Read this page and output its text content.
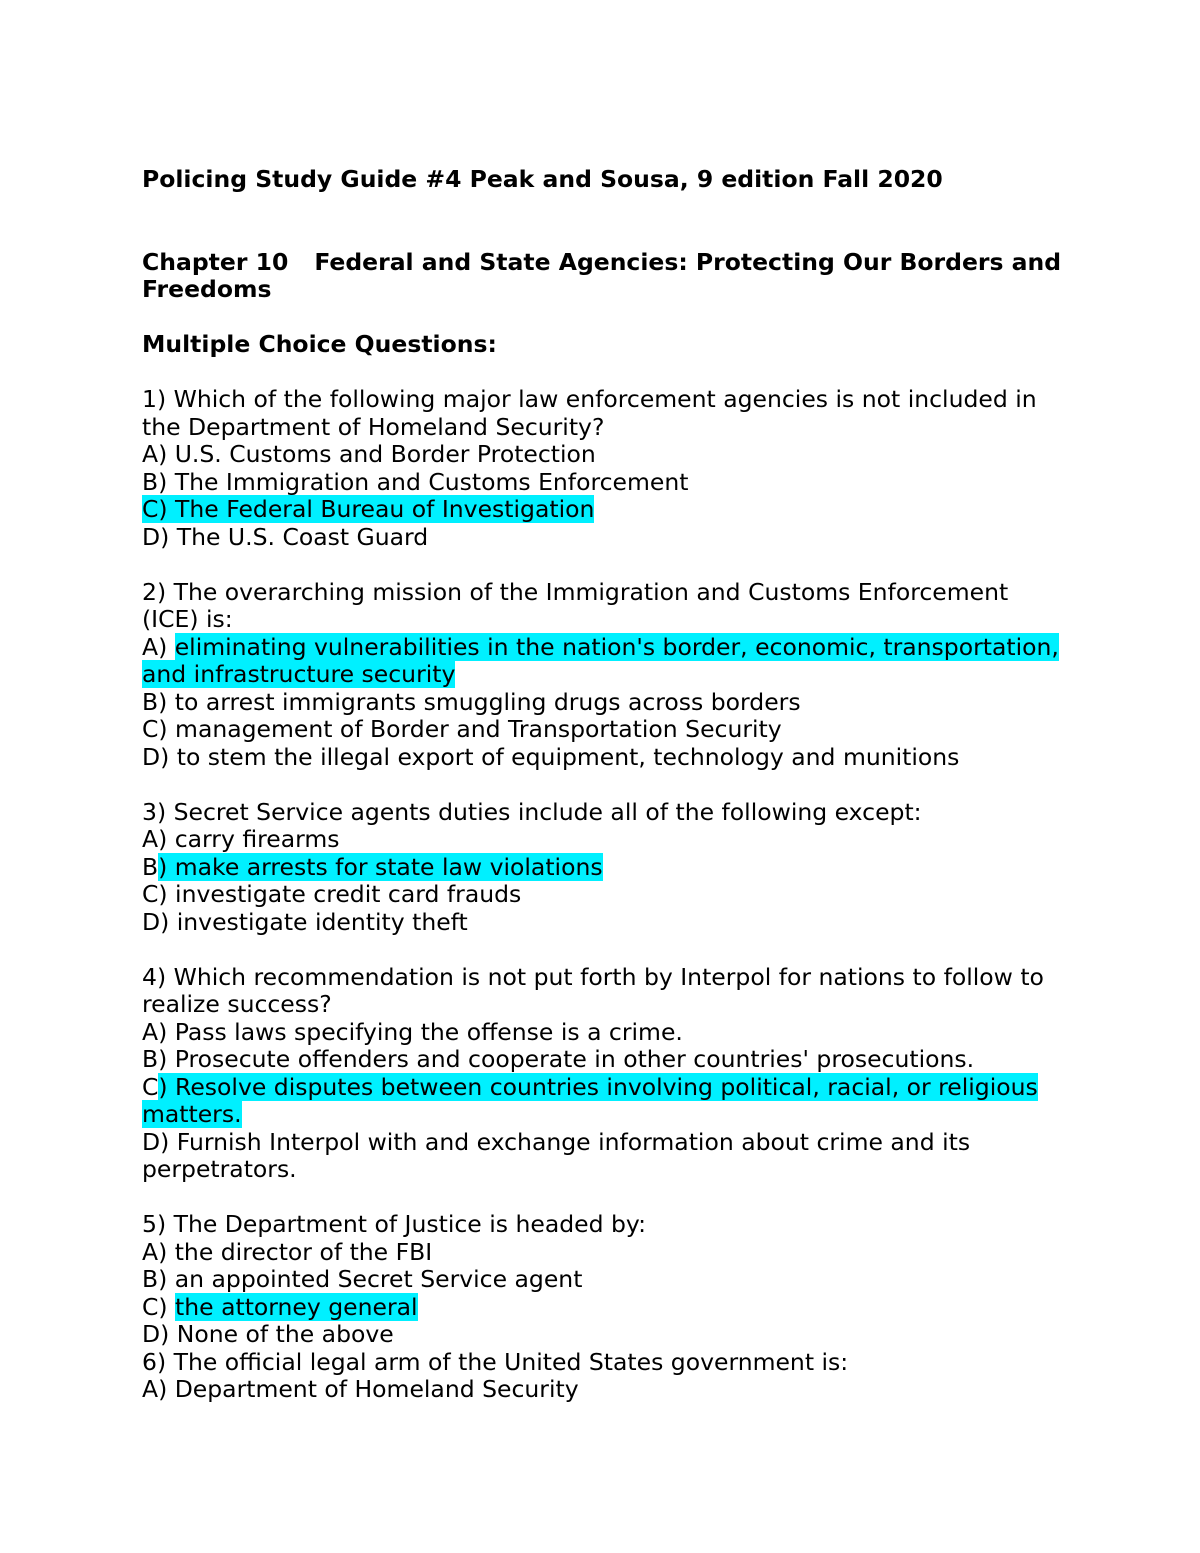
Policing Study Guide #4 Peak and Sousa, 9 edition Fall 2020

Chapter 10 Federal and State Agencies: Protecting Our Borders and Freedoms

Multiple Choice Questions:

1) Which of the following major law enforcement agencies is not included in the Department of Homeland Security?

A) U.S. Customs and Border Protection

B) The Immigration and Customs Enforcement

C) The Federal Bureau of Investigation

D) The U.S. Coast Guard

2) The overarching mission of the Immigration and Customs Enforcement (ICE) is:

A) eliminating vulnerabilities in the nation's border, economic, transportation, and infrastructure security

B) to arrest immigrants smuggling drugs across borders

C) management of Border and Transportation Security

D) to stem the illegal export of equipment, technology and munitions

3) Secret Service agents duties include all of the following except:

A) carry firearms

B) make arrests for state law violations

C) investigate credit card frauds

D) investigate identity theft

4) Which recommendation is not put forth by Interpol for nations to follow to realize success?

A) Pass laws specifying the offense is a crime.

B) Prosecute offenders and cooperate in other countries' prosecutions.

C) Resolve disputes between countries involving political, racial, or religious matters.

D) Furnish Interpol with and exchange information about crime and its perpetrators.

5) The Department of Justice is headed by:

A) the director of the FBI

B) an appointed Secret Service agent

C) the attorney general

D) None of the above

6) The official legal arm of the United States government is:

A) Department of Homeland Security
